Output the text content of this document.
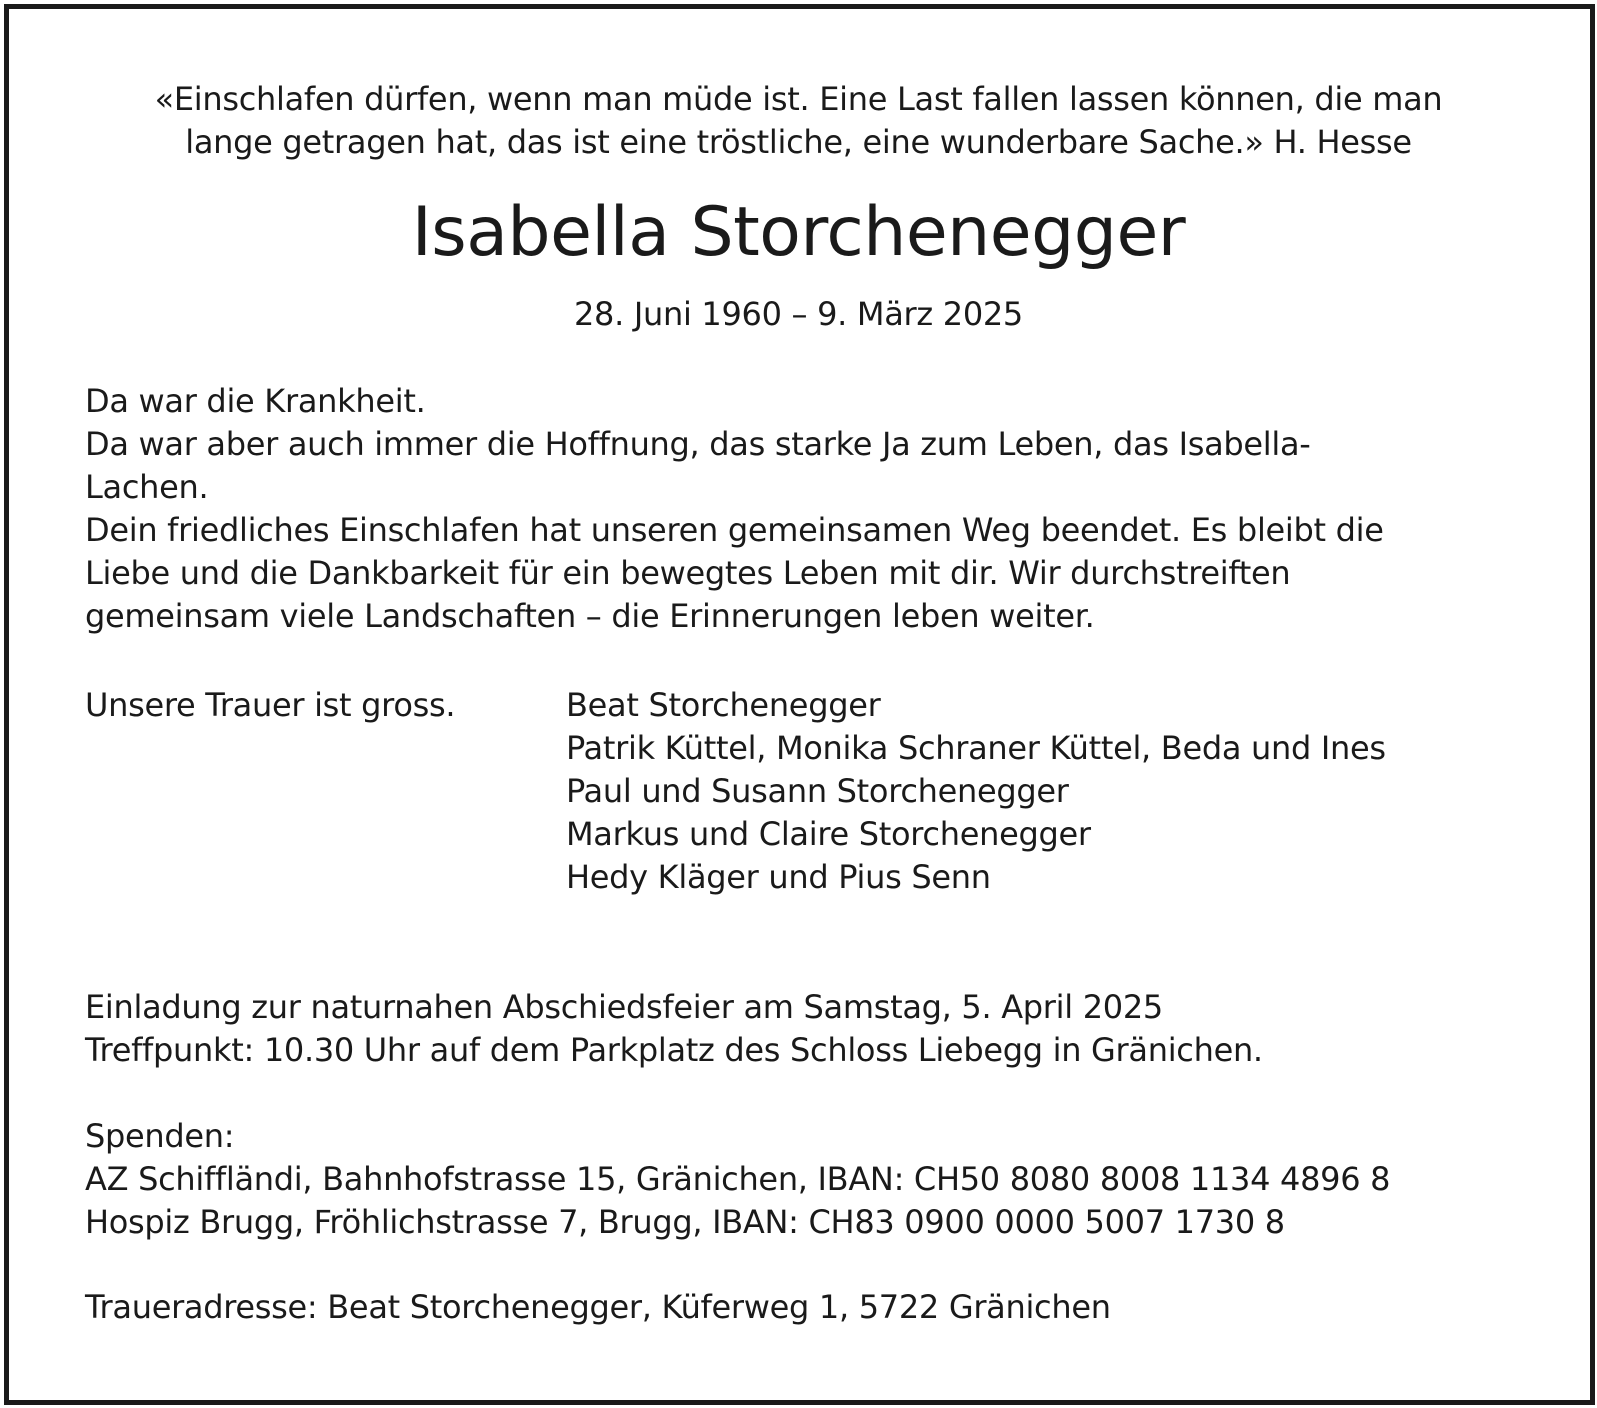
«Einschlafen dürfen, wenn man müde ist. Eine Last fallen lassen können, die man
lange getragen hat, das ist eine tröstliche, eine wunderbare Sache.» H. Hesse
Isabella Storchenegger
28. Juni 1960 – 9. März 2025
Da war die Krankheit.
Da war aber auch immer die Hoffnung, das starke Ja zum Leben, das Isabella-
Lachen.
Dein friedliches Einschlafen hat unseren gemeinsamen Weg beendet. Es bleibt die
Liebe und die Dankbarkeit für ein bewegtes Leben mit dir. Wir durchstreiften
gemeinsam viele Landschaften – die Erinnerungen leben weiter.
Unsere Trauer ist gross.	Beat Storchenegger
Patrik Küttel, Monika Schraner Küttel, Beda und Ines
Paul und Susann Storchenegger
Markus und Claire Storchenegger
Hedy Kläger und Pius Senn
Einladung zur naturnahen Abschiedsfeier am Samstag, 5. April 2025
Treffpunkt: 10.30 Uhr auf dem Parkplatz des Schloss Liebegg in Gränichen.
Spenden:
AZ Schiffländi, Bahnhofstrasse 15, Gränichen, IBAN: CH50 8080 8008 1134 4896 8
Hospiz Brugg, Fröhlichstrasse 7, Brugg, IBAN: CH83 0900 0000 5007 1730 8
Traueradresse: Beat Storchenegger, Küferweg 1, 5722 Gränichen
